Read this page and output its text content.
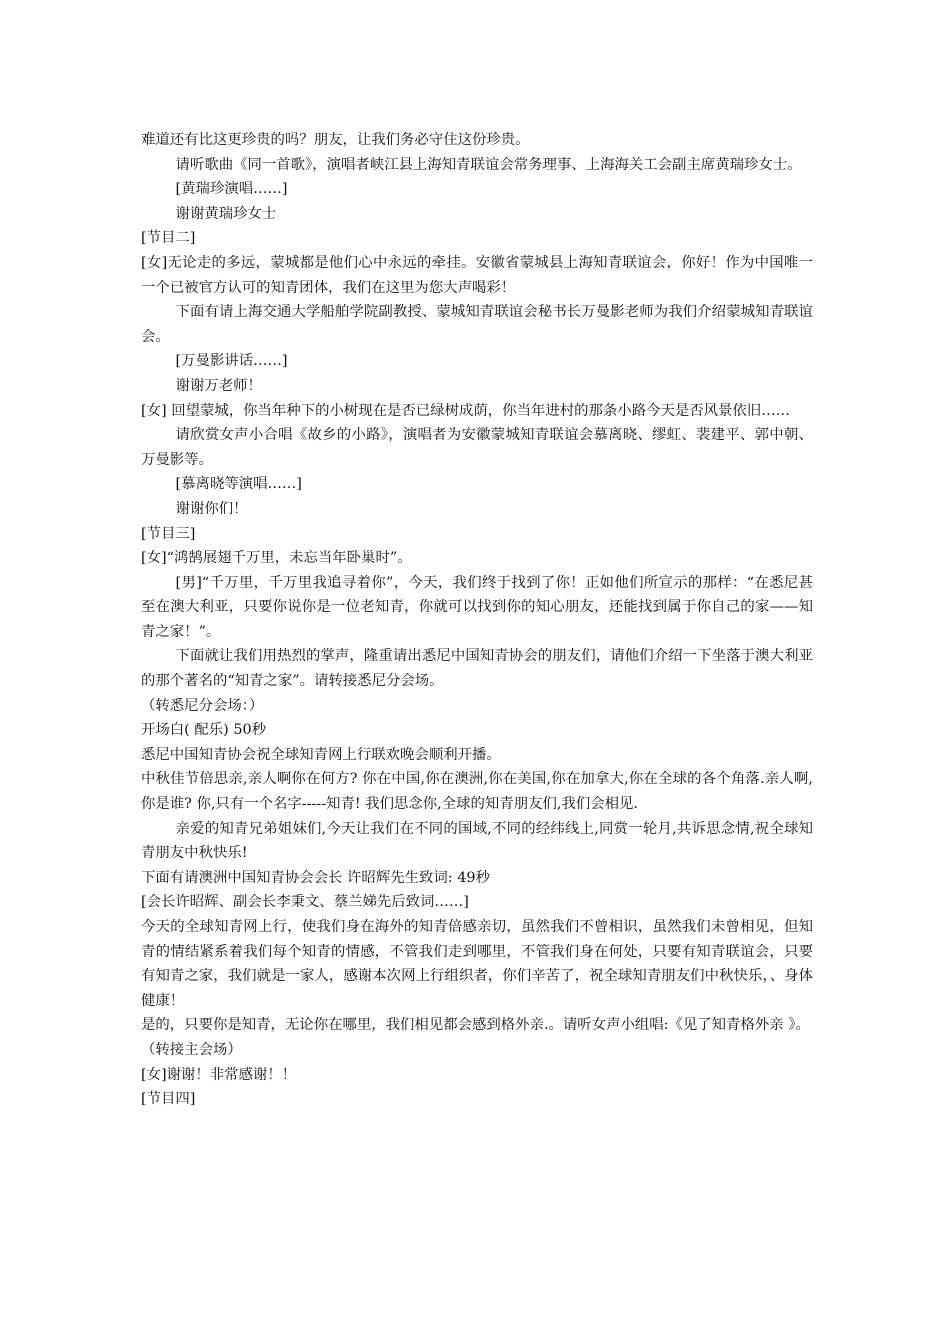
难道还有比这更珍贵的吗？朋友，让我们务必守住这份珍贵。

请听歌曲《同一首歌》，演唱者峡江县上海知青联谊会常务理事、上海海关工会副主席黄瑞珍女士。

[黄瑞珍演唱……]

谢谢黄瑞珍女士

[节目二]

[女]无论走的多远，蒙城都是他们心中永远的牵挂。安徽省蒙城县上海知青联谊会，你好！作为中国唯一一个已被官方认可的知青团体，我们在这里为您大声喝彩！

下面有请上海交通大学船舶学院副教授、蒙城知青联谊会秘书长万曼影老师为我们介绍蒙城知青联谊会。

[万曼影讲话……]

谢谢万老师！

[女] 回望蒙城，你当年种下的小树现在是否已绿树成荫，你当年进村的那条小路今天是否风景依旧……

请欣赏女声小合唱《故乡的小路》，演唱者为安徽蒙城知青联谊会慕离晓、缪虹、裴建平、郭中朝、万曼影等。

[慕离晓等演唱……]

谢谢你们！

[节目三]

[女]“鸿鹄展翅千万里，未忘当年卧巢时”。

[男]“千万里，千万里我追寻着你”，今天，我们终于找到了你！正如他们所宣示的那样：“在悉尼甚至在澳大利亚，只要你说你是一位老知青，你就可以找到你的知心朋友，还能找到属于你自己的家——知青之家！”。

下面就让我们用热烈的掌声，隆重请出悉尼中国知青协会的朋友们，请他们介绍一下坐落于澳大利亚的那个著名的“知青之家”。请转接悉尼分会场。

（转悉尼分会场：）

开场白( 配乐) 50秒

悉尼中国知青协会祝全球知青网上行联欢晚会顺利开播。

中秋佳节倍思亲,亲人啊你在何方? 你在中国,你在澳洲,你在美国,你在加拿大,你在全球的各个角落.亲人啊,你是谁? 你,只有一个名字-----知青! 我们思念你,全球的知青朋友们,我们会相见.

亲爱的知青兄弟姐妹们,今天让我们在不同的国域,不同的经纬线上,同赏一轮月,共诉思念情,祝全球知青朋友中秋快乐!

下面有请澳洲中国知青协会会长 许昭辉先生致词: 49秒

[会长许昭辉、副会长李秉文、蔡兰娣先后致词……]

今天的全球知青网上行，使我们身在海外的知青倍感亲切，虽然我们不曾相识，虽然我们未曾相见，但知青的情结紧系着我们每个知青的情感，不管我们走到哪里，不管我们身在何处，只要有知青联谊会，只要有知青之家，我们就是一家人，感谢本次网上行组织者，你们辛苦了，祝全球知青朋友们中秋快乐，、身体健康！

是的，只要你是知青，无论你在哪里，我们相见都会感到格外亲.。请听女声小组唱:《见了知青格外亲 》。

（转接主会场）

[女]谢谢！非常感谢！！

[节目四]
